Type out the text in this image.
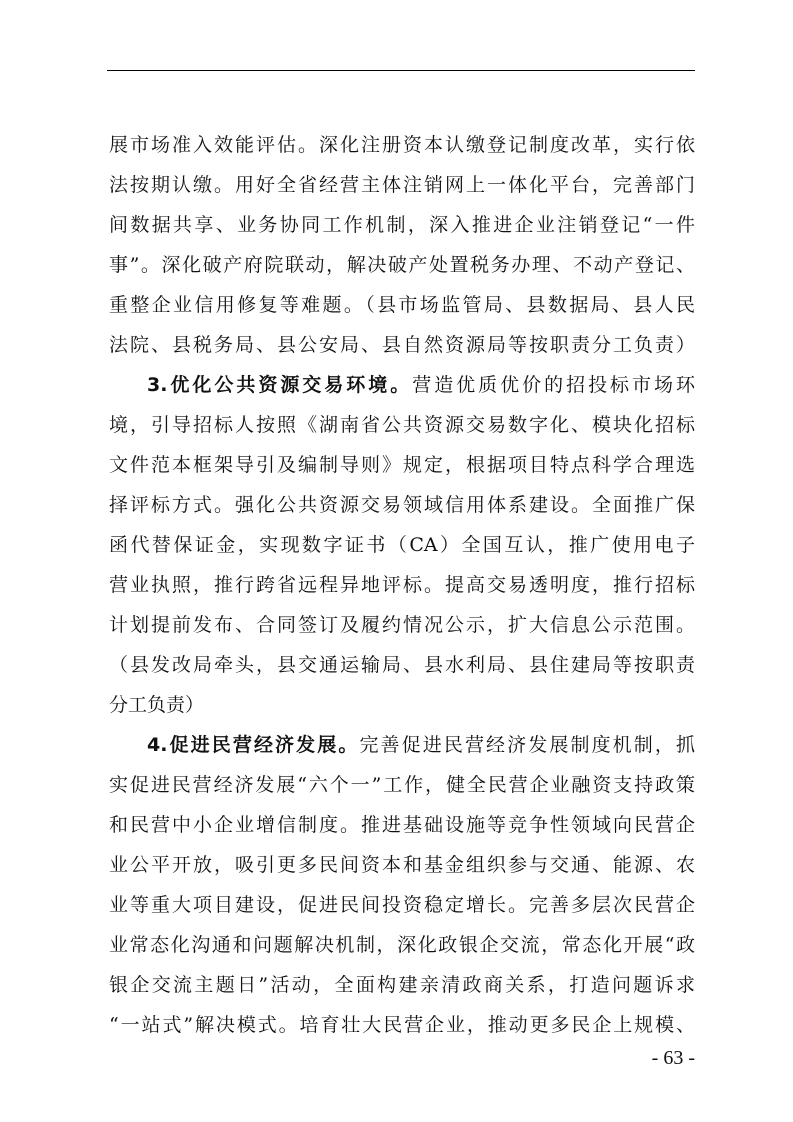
展市场准入效能评估。深化注册资本认缴登记制度改革，实行依
法按期认缴。用好全省经营主体注销网上一体化平台，完善部门
间数据共享、业务协同工作机制，深入推进企业注销登记“一件
事”。深化破产府院联动，解决破产处置税务办理、不动产登记、
重整企业信用修复等难题。（县市场监管局、县数据局、县人民
法院、县税务局、县公安局、县自然资源局等按职责分工负责）
3.优化公共资源交易环境。营造优质优价的招投标市场环
境，引导招标人按照《湖南省公共资源交易数字化、模块化招标
文件范本框架导引及编制导则》规定，根据项目特点科学合理选
择评标方式。强化公共资源交易领域信用体系建设。全面推广保
函代替保证金，实现数字证书（CA）全国互认，推广使用电子
营业执照，推行跨省远程异地评标。提高交易透明度，推行招标
计划提前发布、合同签订及履约情况公示，扩大信息公示范围。
（县发改局牵头，县交通运输局、县水利局、县住建局等按职责
分工负责）
4.促进民营经济发展。完善促进民营经济发展制度机制，抓
实促进民营经济发展“六个一”工作，健全民营企业融资支持政策
和民营中小企业增信制度。推进基础设施等竞争性领域向民营企
业公平开放，吸引更多民间资本和基金组织参与交通、能源、农
业等重大项目建设，促进民间投资稳定增长。完善多层次民营企
业常态化沟通和问题解决机制，深化政银企交流，常态化开展“政
银企交流主题日”活动，全面构建亲清政商关系，打造问题诉求
“一站式”解决模式。培育壮大民营企业，推动更多民企上规模、
- 63 -
